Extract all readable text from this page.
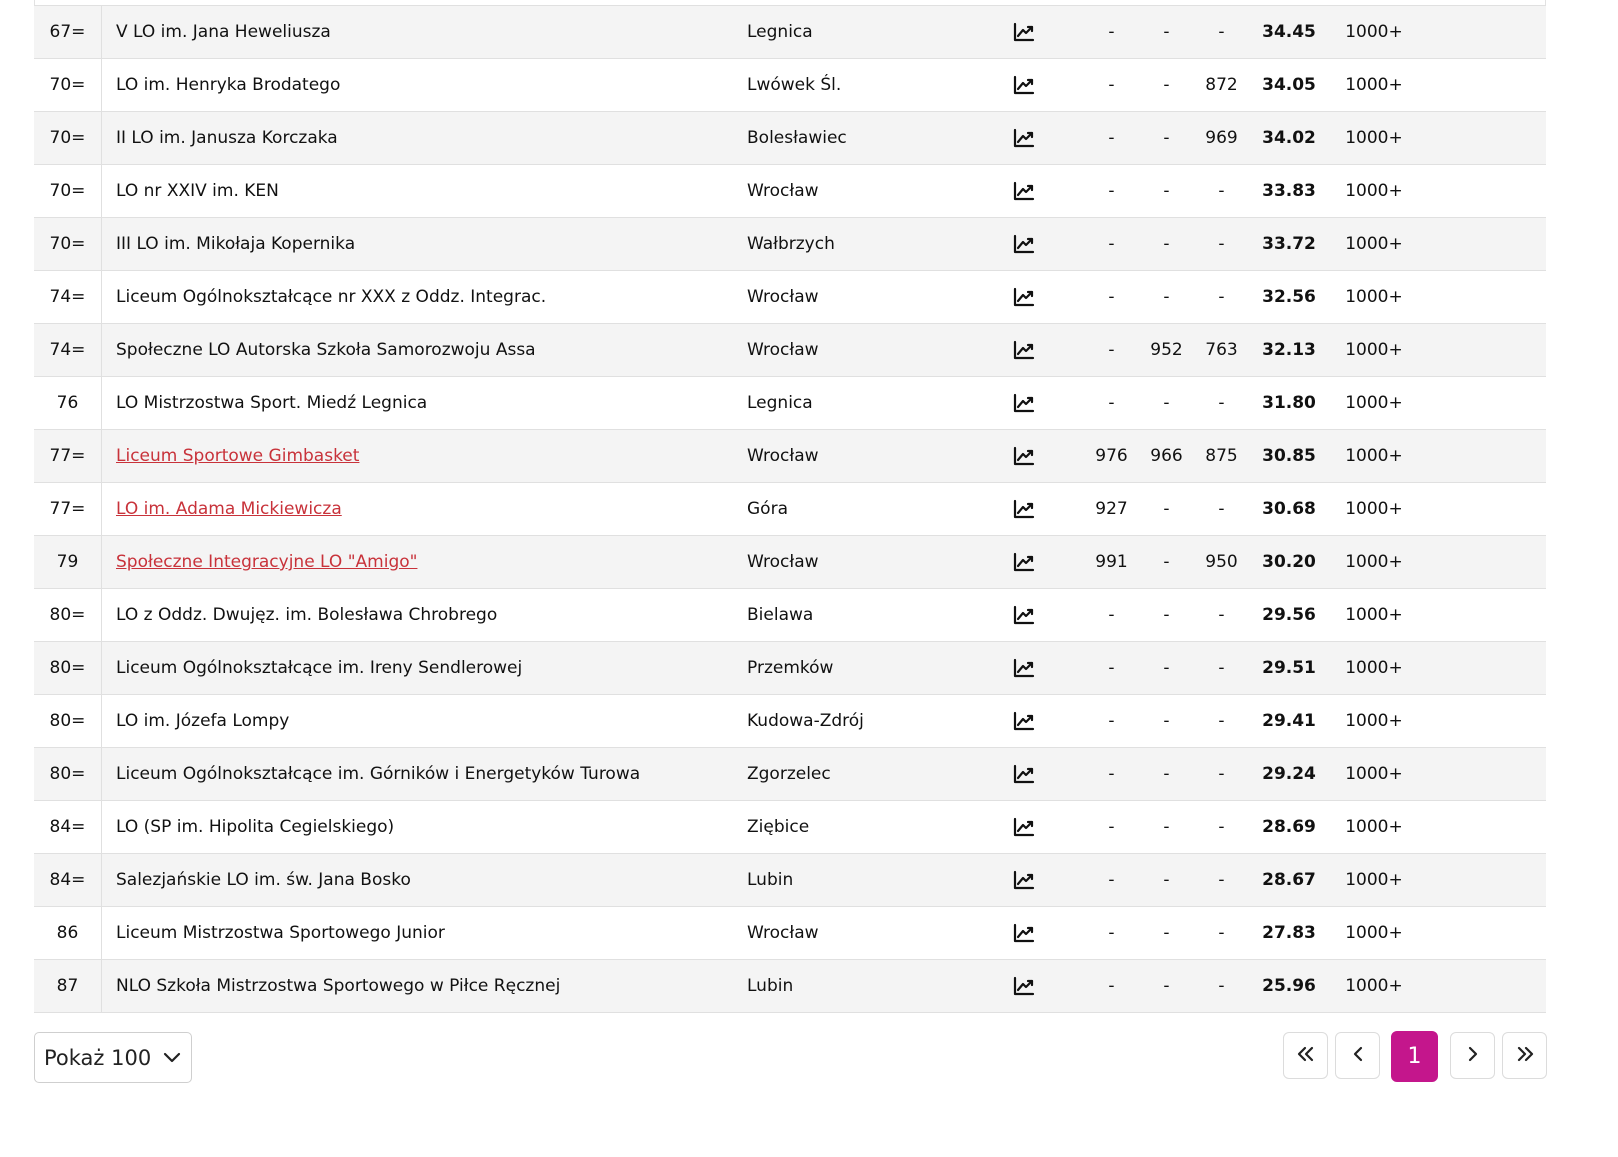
67=	V LO im. Jana Heweliusza	Legnica		-	-	-	34.45	1000+	
70=	LO im. Henryka Brodatego	Lwówek Śl.		-	-	872	34.05	1000+	
70=	II LO im. Janusza Korczaka	Bolesławiec		-	-	969	34.02	1000+	
70=	LO nr XXIV im. KEN	Wrocław		-	-	-	33.83	1000+	
70=	III LO im. Mikołaja Kopernika	Wałbrzych		-	-	-	33.72	1000+	
74=	Liceum Ogólnokształcące nr XXX z Oddz. Integrac.	Wrocław		-	-	-	32.56	1000+	
74=	Społeczne LO Autorska Szkoła Samorozwoju Assa	Wrocław		-	952	763	32.13	1000+	
76	LO Mistrzostwa Sport. Miedź Legnica	Legnica		-	-	-	31.80	1000+	
77=	Liceum Sportowe Gimbasket	Wrocław		976	966	875	30.85	1000+	
77=	LO im. Adama Mickiewicza	Góra		927	-	-	30.68	1000+	
79	Społeczne Integracyjne LO "Amigo"	Wrocław		991	-	950	30.20	1000+	
80=	LO z Oddz. Dwujęz. im. Bolesława Chrobrego	Bielawa		-	-	-	29.56	1000+	
80=	Liceum Ogólnokształcące im. Ireny Sendlerowej	Przemków		-	-	-	29.51	1000+	
80=	LO im. Józefa Lompy	Kudowa-Zdrój		-	-	-	29.41	1000+	
80=	Liceum Ogólnokształcące im. Górników i Energetyków Turowa	Zgorzelec		-	-	-	29.24	1000+	
84=	LO (SP im. Hipolita Cegielskiego)	Ziębice		-	-	-	28.69	1000+	
84=	Salezjańskie LO im. św. Jana Bosko	Lubin		-	-	-	28.67	1000+	
86	Liceum Mistrzostwa Sportowego Junior	Wrocław		-	-	-	27.83	1000+	
87	NLO Szkoła Mistrzostwa Sportowego w Piłce Ręcznej	Lubin		-	-	-	25.96	1000+	
Pokaż 100	1
